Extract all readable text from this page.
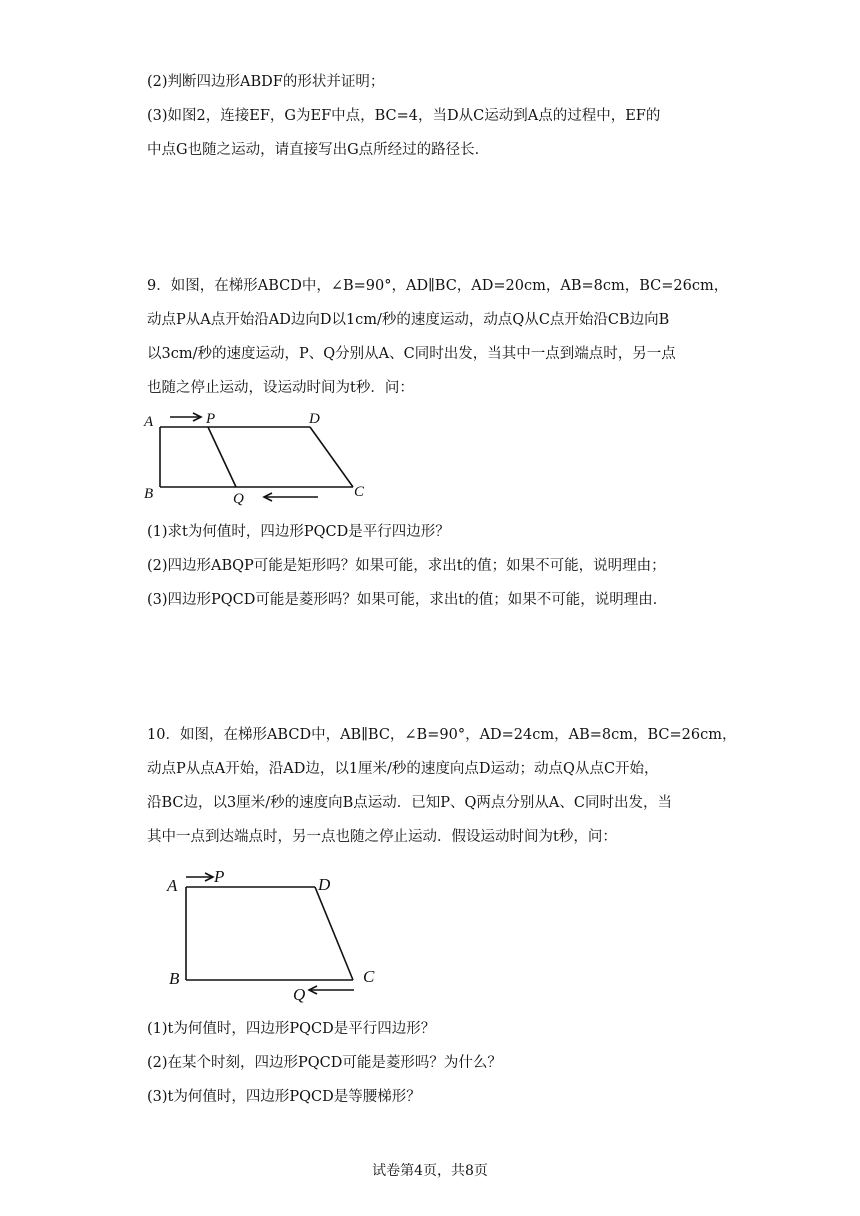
(2)判断四边形ABDF的形状并证明；
(3)如图2，连接EF，G为EF中点，BC=4，当D从C运动到A点的过程中，EF的
中点G也随之运动，请直接写出G点所经过的路径长．
9．如图，在梯形ABCD中，∠B=90°，AD∥BC，AD=20cm，AB=8cm，BC=26cm，
动点P从A点开始沿AD边向D以1cm/秒的速度运动，动点Q从C点开始沿CB边向B
以3cm/秒的速度运动，P、Q分别从A、C同时出发，当其中一点到端点时，另一点
也随之停止运动，设运动时间为t秒．问：
A	P	D
B	Q	C
(1)求t为何值时，四边形PQCD是平行四边形？
(2)四边形ABQP可能是矩形吗？如果可能，求出t的值；如果不可能，说明理由；
(3)四边形PQCD可能是菱形吗？如果可能，求出t的值；如果不可能，说明理由．
10．如图，在梯形ABCD中，AB∥BC，∠B=90°，AD=24cm，AB=8cm，BC=26cm，
动点P从点A开始，沿AD边，以1厘米/秒的速度向点D运动；动点Q从点C开始，
沿BC边，以3厘米/秒的速度向B点运动．已知P、Q两点分别从A、C同时出发，当
其中一点到达端点时，另一点也随之停止运动．假设运动时间为t秒，问：
A P	D
B
Q
C
(1)t为何值时，四边形PQCD是平行四边形？
(2)在某个时刻，四边形PQCD可能是菱形吗？为什么？
(3)t为何值时，四边形PQCD是等腰梯形？
试卷第4页，共8页
